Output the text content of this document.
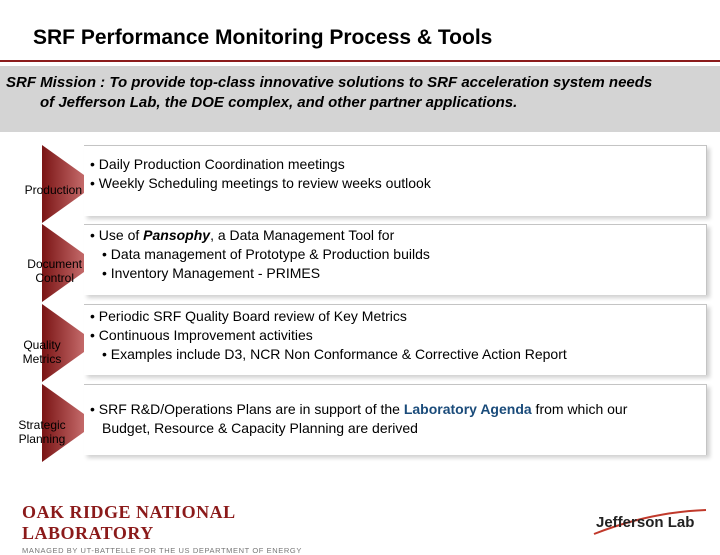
SRF Performance Monitoring Process & Tools
SRF Mission : To provide top-class innovative solutions to SRF acceleration system needs
of Jefferson Lab, the DOE complex, and other partner applications.
Production
• Daily Production Coordination meetings
• Weekly Scheduling meetings to review weeks outlook
Document
Control
• Use of Pansophy, a Data Management Tool for
• Data management of Prototype & Production builds
• Inventory Management - PRIMES
Quality
Metrics
• Periodic SRF Quality Board review of Key Metrics
• Continuous Improvement activities
• Examples include D3, NCR Non Conformance & Corrective Action Report
Strategic
Planning
• SRF R&D/Operations Plans are in support of the Laboratory Agenda from which our
Budget, Resource & Capacity Planning are derived
OAK RIDGE NATIONAL LABORATORY
MANAGED BY UT-BATTELLE FOR THE US DEPARTMENT OF ENERGY
Jefferson Lab
